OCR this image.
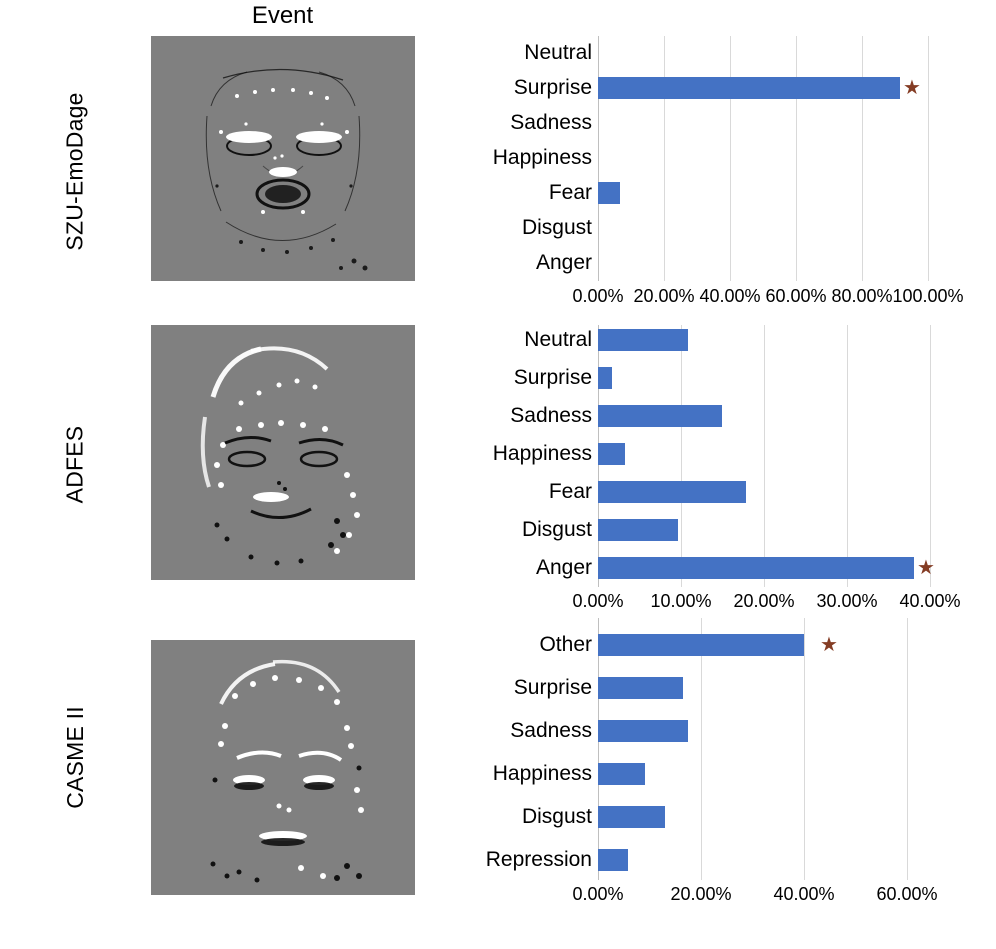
Event
SZU-EmoDage
Neutral
Surprise
Sadness
Happiness
Fear
Disgust
Anger
★
0.00% 20.00% 40.00% 60.00% 80.00% 100.00%
ADFES
Neutral
Surprise
Sadness
Happiness
Fear
Disgust
Anger	★
0.00% 10.00% 20.00% 30.00% 40.00%
CASME II
Other
Surprise
Sadness
Happiness
Disgust
Repression
★
0.00%	20.00% 40.00% 60.00%
